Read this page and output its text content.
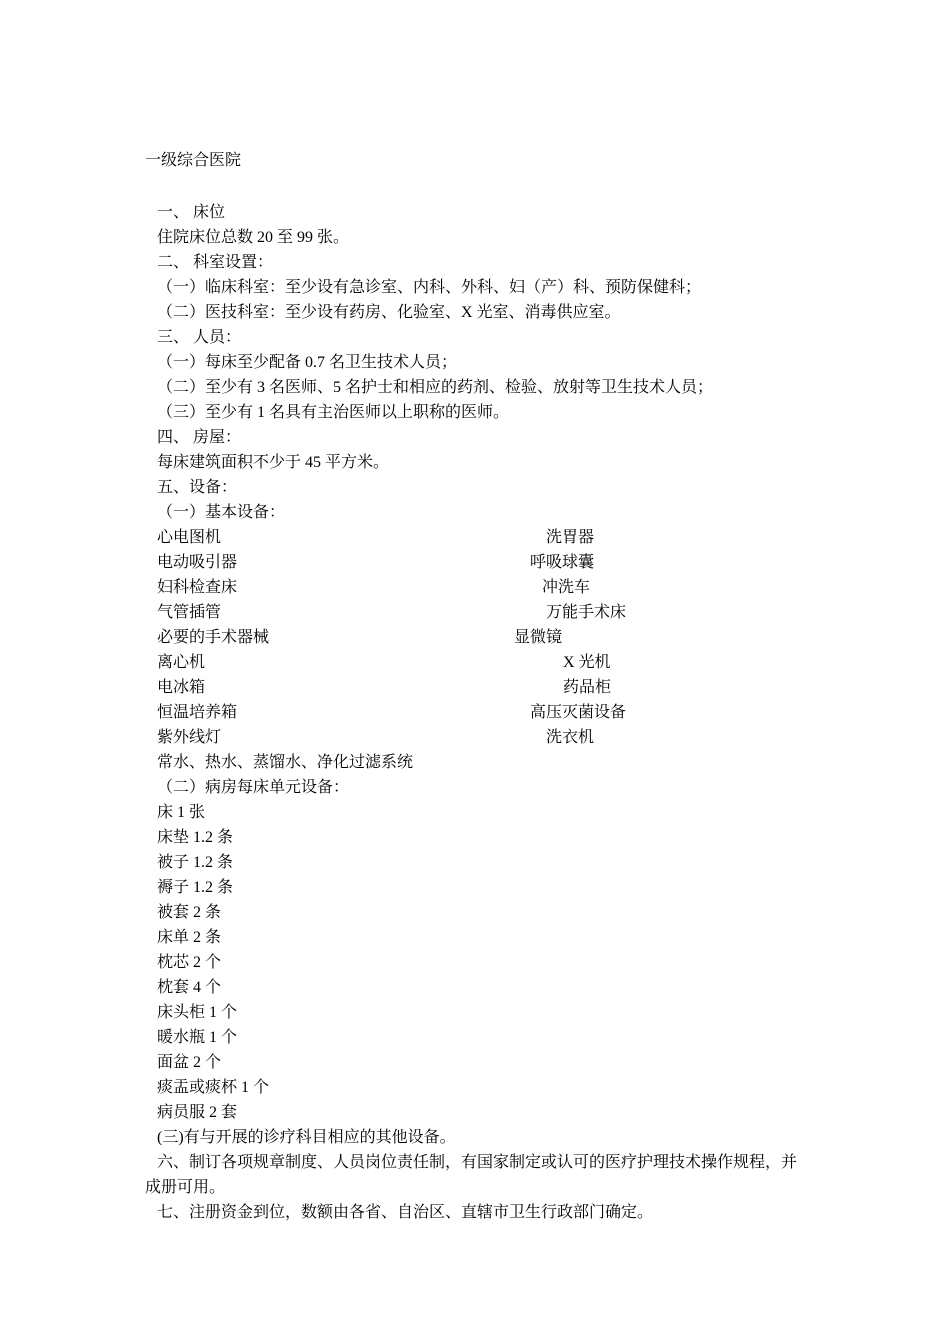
一级综合医院
一、 床位
住院床位总数 20 至 99 张。
二、 科室设置：
（一）临床科室：至少设有急诊室、内科、外科、妇（产）科、预防保健科；
（二）医技科室：至少设有药房、化验室、X 光室、消毒供应室。
三、 人员：
（一）每床至少配备 0.7 名卫生技术人员；
（二）至少有 3 名医师、5 名护士和相应的药剂、检验、放射等卫生技术人员；
（三）至少有 1 名具有主治医师以上职称的医师。
四、 房屋：
每床建筑面积不少于 45 平方米。
五、设备：
（一）基本设备：
心电图机	洗胃器
电动吸引器	呼吸球囊
妇科检查床	冲洗车
气管插管	万能手术床
必要的手术器械	显微镜
离心机	X 光机
电冰箱	药品柜
恒温培养箱	高压灭菌设备
紫外线灯	洗衣机
常水、热水、蒸馏水、净化过滤系统
（二）病房每床单元设备：
床 1 张
床垫 1.2 条
被子 1.2 条
褥子 1.2 条
被套 2 条
床单 2 条
枕芯 2 个
枕套 4 个
床头柜 1 个
暖水瓶 1 个
面盆 2 个
痰盂或痰杯 1 个
病员服 2 套
(三)有与开展的诊疗科目相应的其他设备。
六、制订各项规章制度、人员岗位责任制，有国家制定或认可的医疗护理技术操作规程，并
成册可用。
七、注册资金到位，数额由各省、自治区、直辖市卫生行政部门确定。
